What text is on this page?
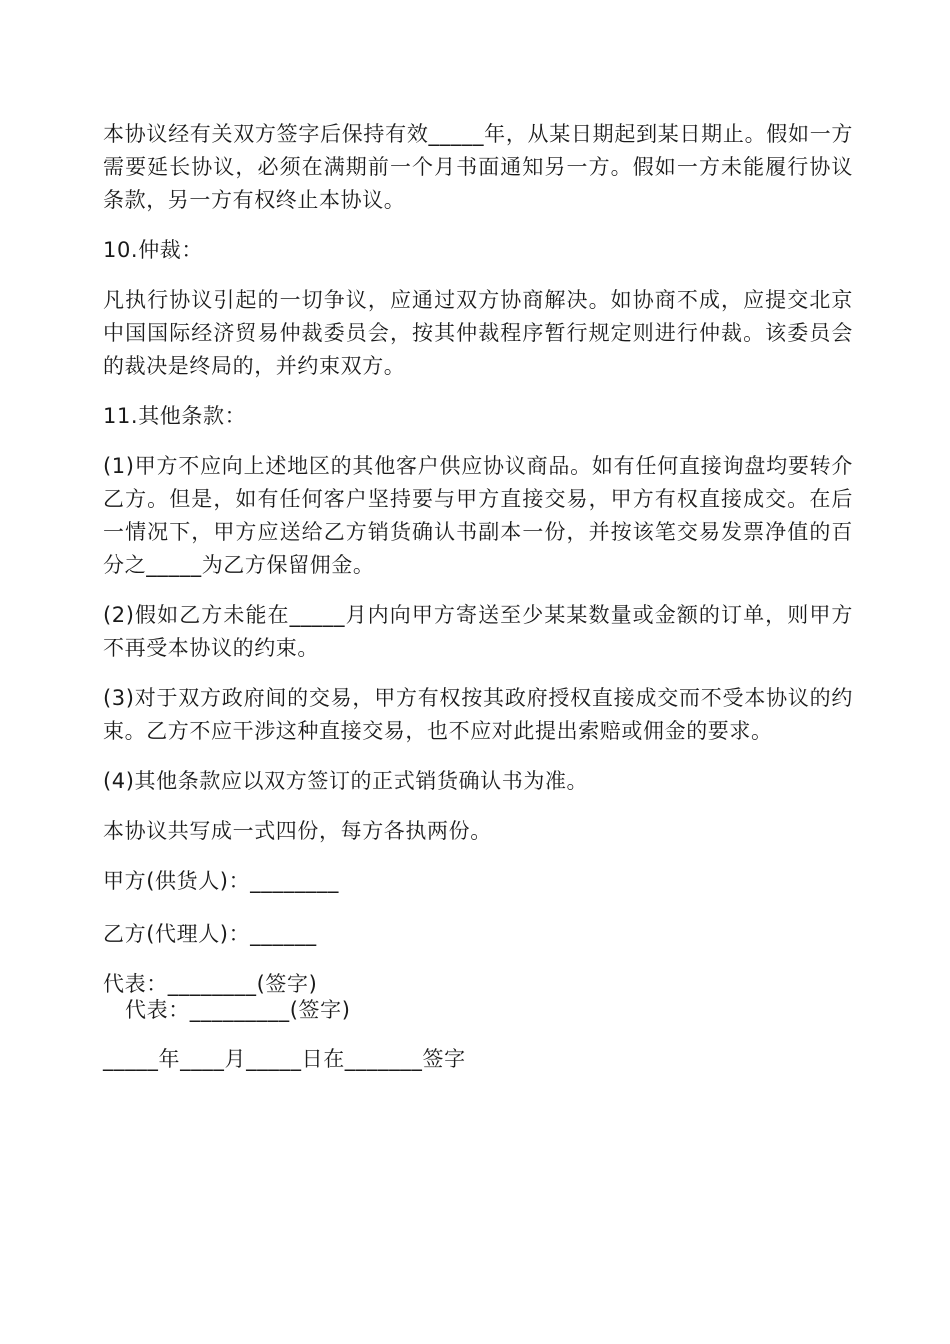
本协议经有关双方签字后保持有效_____年，从某日期起到某日期止。假如一方需要延长协议，必须在满期前一个月书面通知另一方。假如一方未能履行协议条款，另一方有权终止本协议。

10.仲裁：

凡执行协议引起的一切争议，应通过双方协商解决。如协商不成，应提交北京中国国际经济贸易仲裁委员会，按其仲裁程序暂行规定则进行仲裁。该委员会的裁决是终局的，并约束双方。

11.其他条款：

(1)甲方不应向上述地区的其他客户供应协议商品。如有任何直接询盘均要转介乙方。但是，如有任何客户坚持要与甲方直接交易，甲方有权直接成交。在后一情况下，甲方应送给乙方销货确认书副本一份，并按该笔交易发票净值的百分之_____为乙方保留佣金。

(2)假如乙方未能在_____月内向甲方寄送至少某某数量或金额的订单，则甲方不再受本协议的约束。

(3)对于双方政府间的交易，甲方有权按其政府授权直接成交而不受本协议的约束。乙方不应干涉这种直接交易，也不应对此提出索赔或佣金的要求。

(4)其他条款应以双方签订的正式销货确认书为准。

本协议共写成一式四份，每方各执两份。

甲方(供货人)：________

乙方(代理人)：______

代表：________(签字)

代表：_________(签字)

_____年____月_____日在_______签字
